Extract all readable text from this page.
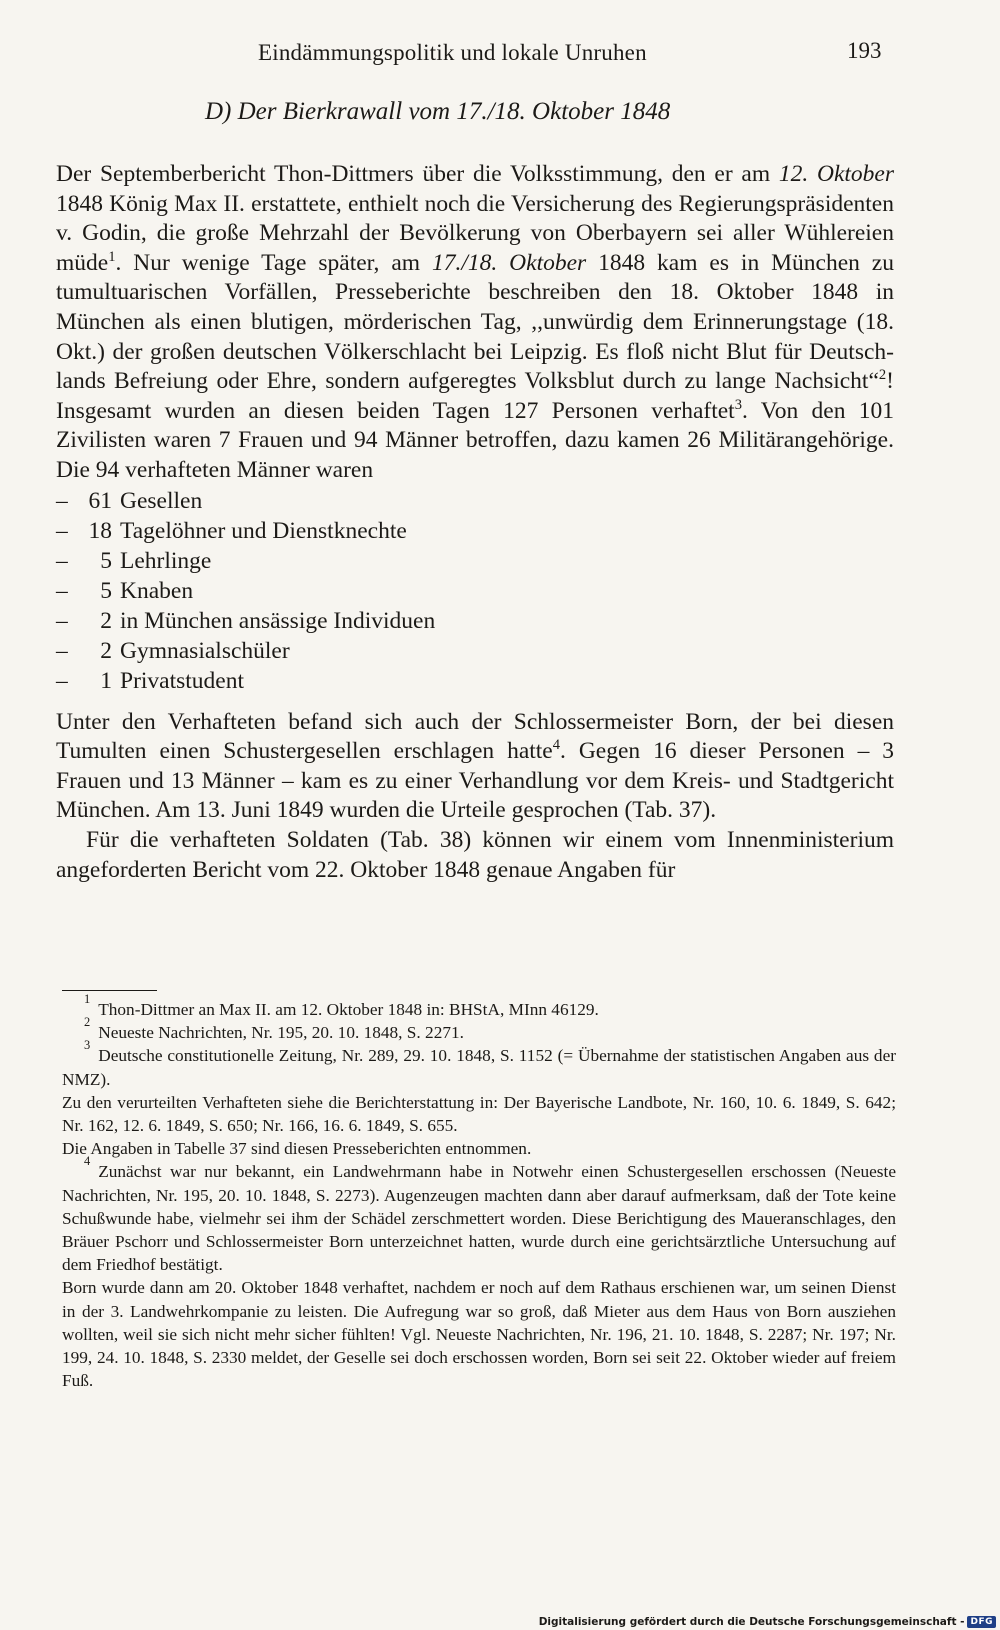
Eindämmungspolitik und lokale Unruhen	193
D) Der Bierkrawall vom 17./18. Oktober 1848

Der Septemberbericht Thon-Dittmers über die Volksstimmung, den er am 12. Oktober 1848 König Max II. erstattete, enthielt noch die Versicherung des Regierungspräsidenten v. Godin, die große Mehrzahl der Bevölkerung von Oberbayern sei aller Wühlereien müde$^1$. Nur wenige Tage später, am 17./18. Oktober 1848 kam es in München zu tumultuarischen Vorfällen, Presseberichte beschreiben den 18. Oktober 1848 in München als einen blutigen, mörderischen Tag, ,,unwürdig dem Erinnerungstage (18. Okt.) der großen deutschen Völkerschlacht bei Leipzig. Es floß nicht Blut für Deutschlands Befreiung oder Ehre, sondern aufgeregtes Volksblut durch zu lange Nachsicht“$^2$! Insgesamt wurden an diesen beiden Tagen 127 Personen verhaftet$^3$. Von den 101 Zivilisten waren 7 Frauen und 94 Männer betroffen, dazu kamen 26 Militärangehörige. Die 94 verhafteten Männer waren

– 61 Gesellen
– 18 Tagelöhner und Dienstknechte
–	5 Lehrlinge
–	5 Knaben
–	2 in München ansässige Individuen
–	2 Gymnasialschüler
–	1 Privatstudent

Unter den Verhafteten befand sich auch der Schlossermeister Born, der bei diesen Tumulten einen Schustergesellen erschlagen hatte$^4$. Gegen 16 dieser Personen – 3 Frauen und 13 Männer – kam es zu einer Verhandlung vor dem Kreis- und Stadtgericht München. Am 13. Juni 1849 wurden die Urteile gesprochen (Tab. 37).

Für die verhafteten Soldaten (Tab. 38) können wir einem vom Innenministerium angeforderten Bericht vom 22. Oktober 1848 genaue Angaben für

$^1$Thon-Dittmer an Max II. am 12. Oktober 1848 in: BHStA, MInn 46129.

$^2$Neueste Nachrichten, Nr. 195, 20. 10. 1848, S. 2271.

$^3$Deutsche constitutionelle Zeitung, Nr. 289, 29. 10. 1848, S. 1152 (= Übernahme der statistischen Angaben aus der NMZ).

Zu den verurteilten Verhafteten siehe die Berichterstattung in: Der Bayerische Landbote, Nr. 160, 10. 6. 1849, S. 642; Nr. 162, 12. 6. 1849, S. 650; Nr. 166, 16. 6. 1849, S. 655.

Die Angaben in Tabelle 37 sind diesen Presseberichten entnommen.

$^4$Zunächst war nur bekannt, ein Landwehrmann habe in Notwehr einen Schustergesellen erschossen (Neueste Nachrichten, Nr. 195, 20. 10. 1848, S. 2273). Augenzeugen machten dann aber darauf aufmerksam, daß der Tote keine Schußwunde habe, vielmehr sei ihm der Schädel zerschmettert worden. Diese Berichtigung des Maueranschlages, den Bräuer Pschorr und Schlossermeister Born unterzeichnet hatten, wurde durch eine gerichtsärztliche Untersuchung auf dem Friedhof bestätigt.

Born wurde dann am 20. Oktober 1848 verhaftet, nachdem er noch auf dem Rathaus erschienen war, um seinen Dienst in der 3. Landwehrkompanie zu leisten. Die Aufregung war so groß, daß Mieter aus dem Haus von Born ausziehen wollten, weil sie sich nicht mehr sicher fühlten! Vgl. Neueste Nachrichten, Nr. 196, 21. 10. 1848, S. 2287; Nr. 197; Nr. 199, 24. 10. 1848, S. 2330 meldet, der Geselle sei doch erschossen worden, Born sei seit 22. Oktober wieder auf freiem Fuß.

Digitalisierung gefördert durch die Deutsche Forschungsgemeinschaft - DFG
